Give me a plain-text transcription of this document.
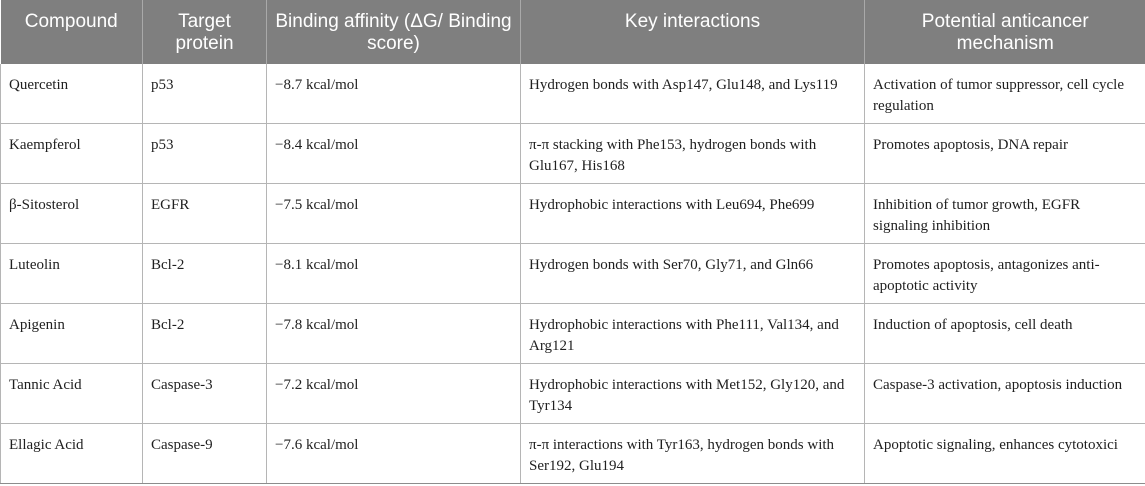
Compound	Target protein	Binding affinity (ΔG/ Binding score)	Key interactions	Potential anticancer mechanism
Quercetin	p53	−8.7 kcal/mol	Hydrogen bonds with Asp147, Glu148, and Lys119	Activation of tumor suppressor, cell cycle regulation
Kaempferol	p53	−8.4 kcal/mol	π-π stacking with Phe153, hydrogen bonds with Glu167, His168	Promotes apoptosis, DNA repair
β-Sitosterol	EGFR	−7.5 kcal/mol	Hydrophobic interactions with Leu694, Phe699	Inhibition of tumor growth, EGFR signaling inhibition
Luteolin	Bcl-2	−8.1 kcal/mol	Hydrogen bonds with Ser70, Gly71, and Gln66	Promotes apoptosis, antagonizes anti-apoptotic activity
Apigenin	Bcl-2	−7.8 kcal/mol	Hydrophobic interactions with Phe111, Val134, and Arg121	Induction of apoptosis, cell death
Tannic Acid	Caspase-3	−7.2 kcal/mol	Hydrophobic interactions with Met152, Gly120, and Tyr134	Caspase-3 activation, apoptosis induction
Ellagic Acid	Caspase-9	−7.6 kcal/mol	π-π interactions with Tyr163, hydrogen bonds with Ser192, Glu194	Apoptotic signaling, enhances cytotoxici
